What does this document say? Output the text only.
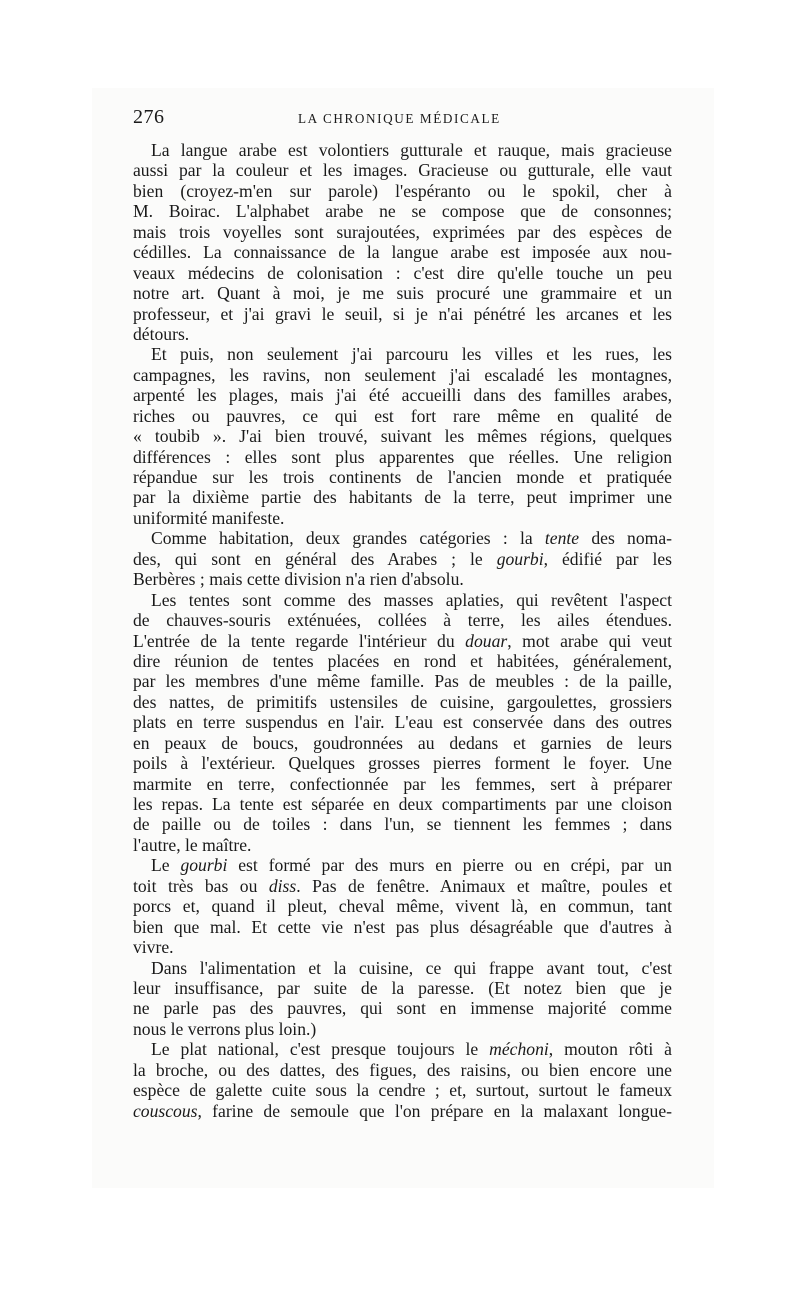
276	LA CHRONIQUE MÉDICALE
La langue arabe est volontiers gutturale et rauque, mais gracieuse
aussi par la couleur et les images. Gracieuse ou gutturale, elle vaut
bien (croyez-m'en sur parole) l'espéranto ou le spokil, cher à
M. Boirac. L'alphabet arabe ne se compose que de consonnes;
mais trois voyelles sont surajoutées, exprimées par des espèces de
cédilles. La connaissance de la langue arabe est imposée aux nou-
veaux médecins de colonisation : c'est dire qu'elle touche un peu
notre art. Quant à moi, je me suis procuré une grammaire et un
professeur, et j'ai gravi le seuil, si je n'ai pénétré les arcanes et les
détours.
Et puis, non seulement j'ai parcouru les villes et les rues, les
campagnes, les ravins, non seulement j'ai escaladé les montagnes,
arpenté les plages, mais j'ai été accueilli dans des familles arabes,
riches ou pauvres, ce qui est fort rare même en qualité de
« toubib ». J'ai bien trouvé, suivant les mêmes régions, quelques
différences : elles sont plus apparentes que réelles. Une religion
répandue sur les trois continents de l'ancien monde et pratiquée
par la dixième partie des habitants de la terre, peut imprimer une
uniformité manifeste.
Comme habitation, deux grandes catégories : la tente des noma-
des, qui sont en général des Arabes ; le gourbi, édifié par les
Berbères ; mais cette division n'a rien d'absolu.
Les tentes sont comme des masses aplaties, qui revêtent l'aspect
de chauves-souris exténuées, collées à terre, les ailes étendues.
L'entrée de la tente regarde l'intérieur du douar, mot arabe qui veut
dire réunion de tentes placées en rond et habitées, généralement,
par les membres d'une même famille. Pas de meubles : de la paille,
des nattes, de primitifs ustensiles de cuisine, gargoulettes, grossiers
plats en terre suspendus en l'air. L'eau est conservée dans des outres
en peaux de boucs, goudronnées au dedans et garnies de leurs
poils à l'extérieur. Quelques grosses pierres forment le foyer. Une
marmite en terre, confectionnée par les femmes, sert à préparer
les repas. La tente est séparée en deux compartiments par une cloison
de paille ou de toiles : dans l'un, se tiennent les femmes ; dans
l'autre, le maître.
Le gourbi est formé par des murs en pierre ou en crépi, par un
toit très bas ou diss. Pas de fenêtre. Animaux et maître, poules et
porcs et, quand il pleut, cheval même, vivent là, en commun, tant
bien que mal. Et cette vie n'est pas plus désagréable que d'autres à
vivre.
Dans l'alimentation et la cuisine, ce qui frappe avant tout, c'est
leur insuffisance, par suite de la paresse. (Et notez bien que je
ne parle pas des pauvres, qui sont en immense majorité comme
nous le verrons plus loin.)
Le plat national, c'est presque toujours le méchoni, mouton rôti à
la broche, ou des dattes, des figues, des raisins, ou bien encore une
espèce de galette cuite sous la cendre ; et, surtout, surtout le fameux
couscous, farine de semoule que l'on prépare en la malaxant longue-
